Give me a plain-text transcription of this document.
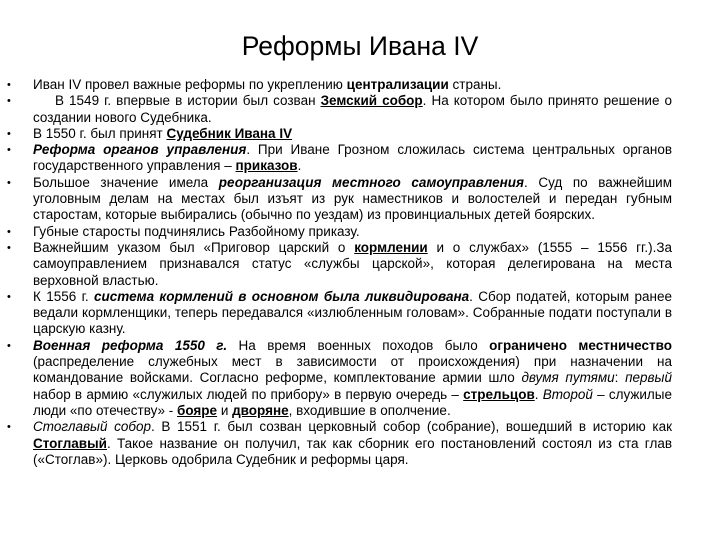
Реформы Ивана IV
• Иван IV провел важные реформы по укреплению централизации страны.
• В 1549 г. впервые в истории был созван Земский собор. На котором было принято решение о создании нового Судебника.
• В 1550 г. был принят Судебник Ивана IV
• Реформа органов управления. При Иване Грозном сложилась система центральных органов государственного управления – приказов.
• Большое значение имела реорганизация местного самоуправления. Суд по важнейшим уголовным делам на местах был изъят из рук наместников и волостелей и передан губным старостам, которые выбирались (обычно по уездам) из провинциальных детей боярских.
• Губные старосты подчинялись Разбойному приказу.
• Важнейшим указом был «Приговор царский о кормлении и о службах» (1555 – 1556 гг.).За самоуправлением признавался статус «службы царской», которая делегирована на места верховной властью.
• К 1556 г. система кормлений в основном была ликвидирована. Сбор податей, которым ранее ведали кормленщики, теперь передавался «излюбленным головам». Собранные подати поступали в царскую казну.
• Военная реформа 1550 г. На время военных походов было ограничено местничество (распределение служебных мест в зависимости от происхождения) при назначении на командование войсками. Согласно реформе, комплектование армии шло двумя путями: первый набор в армию «служилых людей по прибору» в первую очередь – стрельцов. Второй – служилые люди «по отечеству» - бояре и дворяне, входившие в ополчение.
• Стоглавый собор. В 1551 г. был созван церковный собор (собрание), вошедший в историю как Стоглавый. Такое название он получил, так как сборник его постановлений состоял из ста глав («Стоглав»). Церковь одобрила Судебник и реформы царя.
